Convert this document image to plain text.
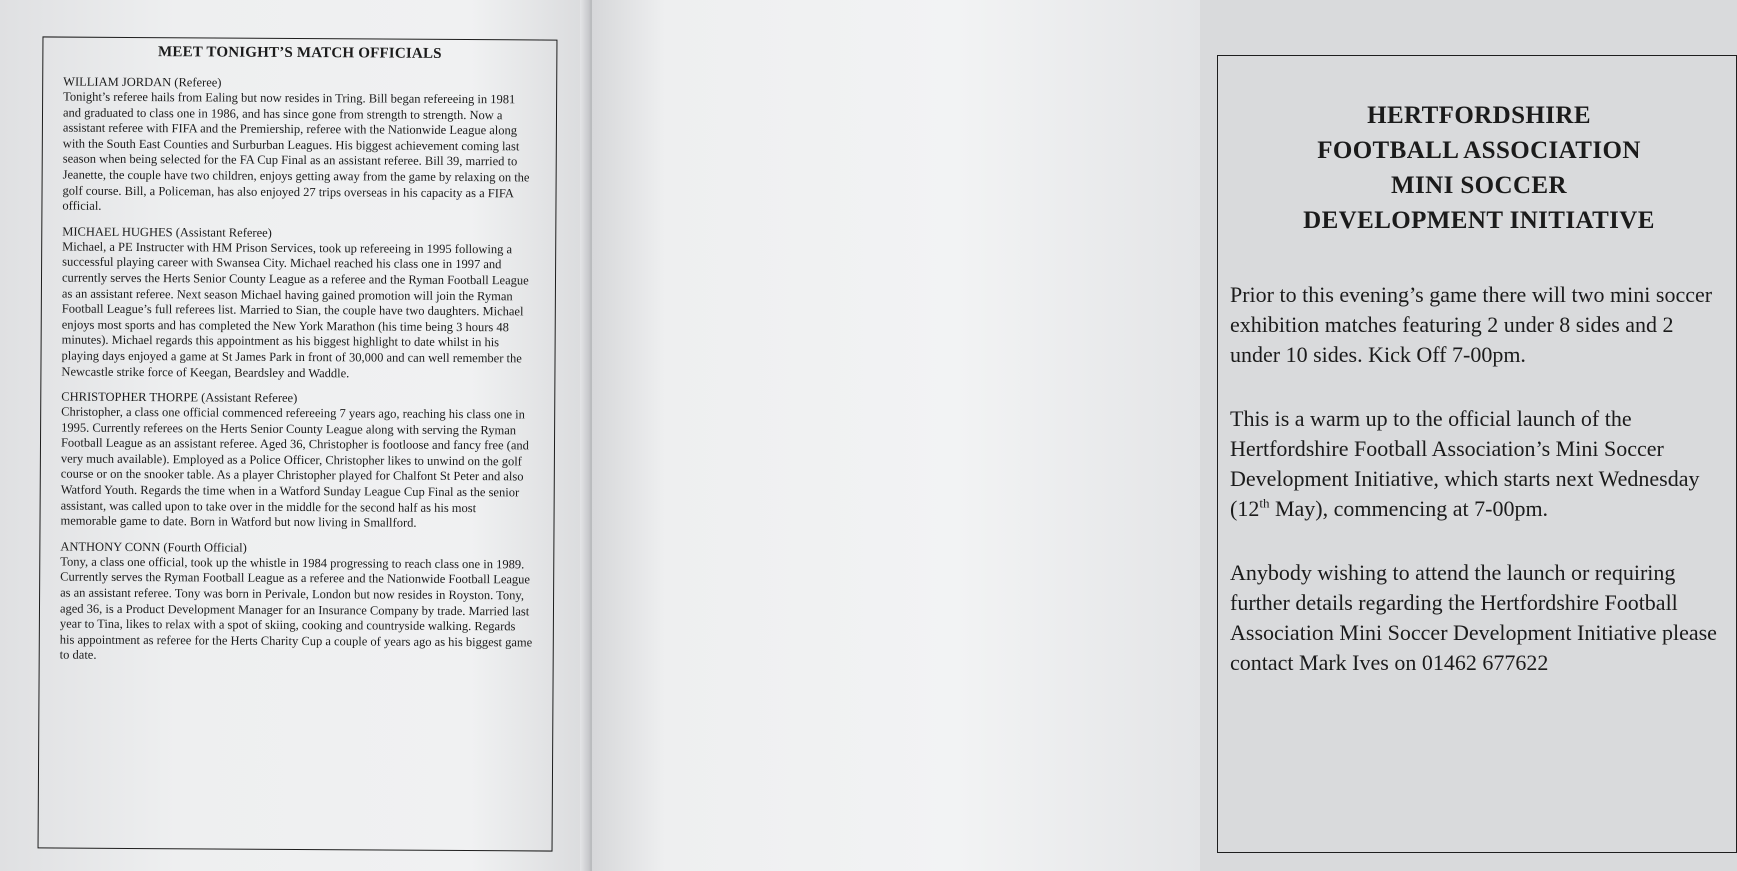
MEET TONIGHT’S MATCH OFFICIALS
WILLIAM JORDAN (Referee)

Tonight’s referee hails from Ealing but now resides in Tring. Bill began refereeing in 1981 and graduated to class one in 1986, and has since gone from strength to strength. Now a assistant referee with FIFA and the Premiership, referee with the Nationwide League along with the South East Counties and Surburban Leagues. His biggest achievement coming last season when being selected for the FA Cup Final as an assistant referee. Bill 39, married to Jeanette, the couple have two children, enjoys getting away from the game by relaxing on the golf course. Bill, a Policeman, has also enjoyed 27 trips overseas in his capacity as a FIFA official.

MICHAEL HUGHES (Assistant Referee)

Michael, a PE Instructer with HM Prison Services, took up refereeing in 1995 following a successful playing career with Swansea City. Michael reached his class one in 1997 and currently serves the Herts Senior County League as a referee and the Ryman Football League as an assistant referee. Next season Michael having gained promotion will join the Ryman Football League’s full referees list. Married to Sian, the couple have two daughters. Michael enjoys most sports and has completed the New York Marathon (his time being 3 hours 48 minutes). Michael regards this appointment as his biggest highlight to date whilst in his playing days enjoyed a game at St James Park in front of 30,000 and can well remember the Newcastle strike force of Keegan, Beardsley and Waddle.

CHRISTOPHER THORPE (Assistant Referee)

Christopher, a class one official commenced refereeing 7 years ago, reaching his class one in 1995. Currently referees on the Herts Senior County League along with serving the Ryman Football League as an assistant referee. Aged 36, Christopher is footloose and fancy free (and very much available). Employed as a Police Officer, Christopher likes to unwind on the golf course or on the snooker table. As a player Christopher played for Chalfont St Peter and also Watford Youth. Regards the time when in a Watford Sunday League Cup Final as the senior assistant, was called upon to take over in the middle for the second half as his most memorable game to date. Born in Watford but now living in Smallford.

ANTHONY CONN (Fourth Official)

Tony, a class one official, took up the whistle in 1984 progressing to reach class one in 1989. Currently serves the Ryman Football League as a referee and the Nationwide Football League as an assistant referee. Tony was born in Perivale, London but now resides in Royston. Tony, aged 36, is a Product Development Manager for an Insurance Company by trade. Married last year to Tina, likes to relax with a spot of skiing, cooking and countryside walking. Regards his appointment as referee for the Herts Charity Cup a couple of years ago as his biggest game to date.

HERTFORDSHIRE
FOOTBALL ASSOCIATION
MINI SOCCER
DEVELOPMENT INITIATIVE

Prior to this evening’s game there will two mini soccer exhibition matches featuring 2 under 8 sides and 2 under 10 sides. Kick Off 7-00pm.

This is a warm up to the official launch of the Hertfordshire Football Association’s Mini Soccer Development Initiative, which starts next Wednesday (12th May), commencing at 7-00pm.

Anybody wishing to attend the launch or requiring further details regarding the Hertfordshire Football Association Mini Soccer Development Initiative please contact Mark Ives on 01462 677622
